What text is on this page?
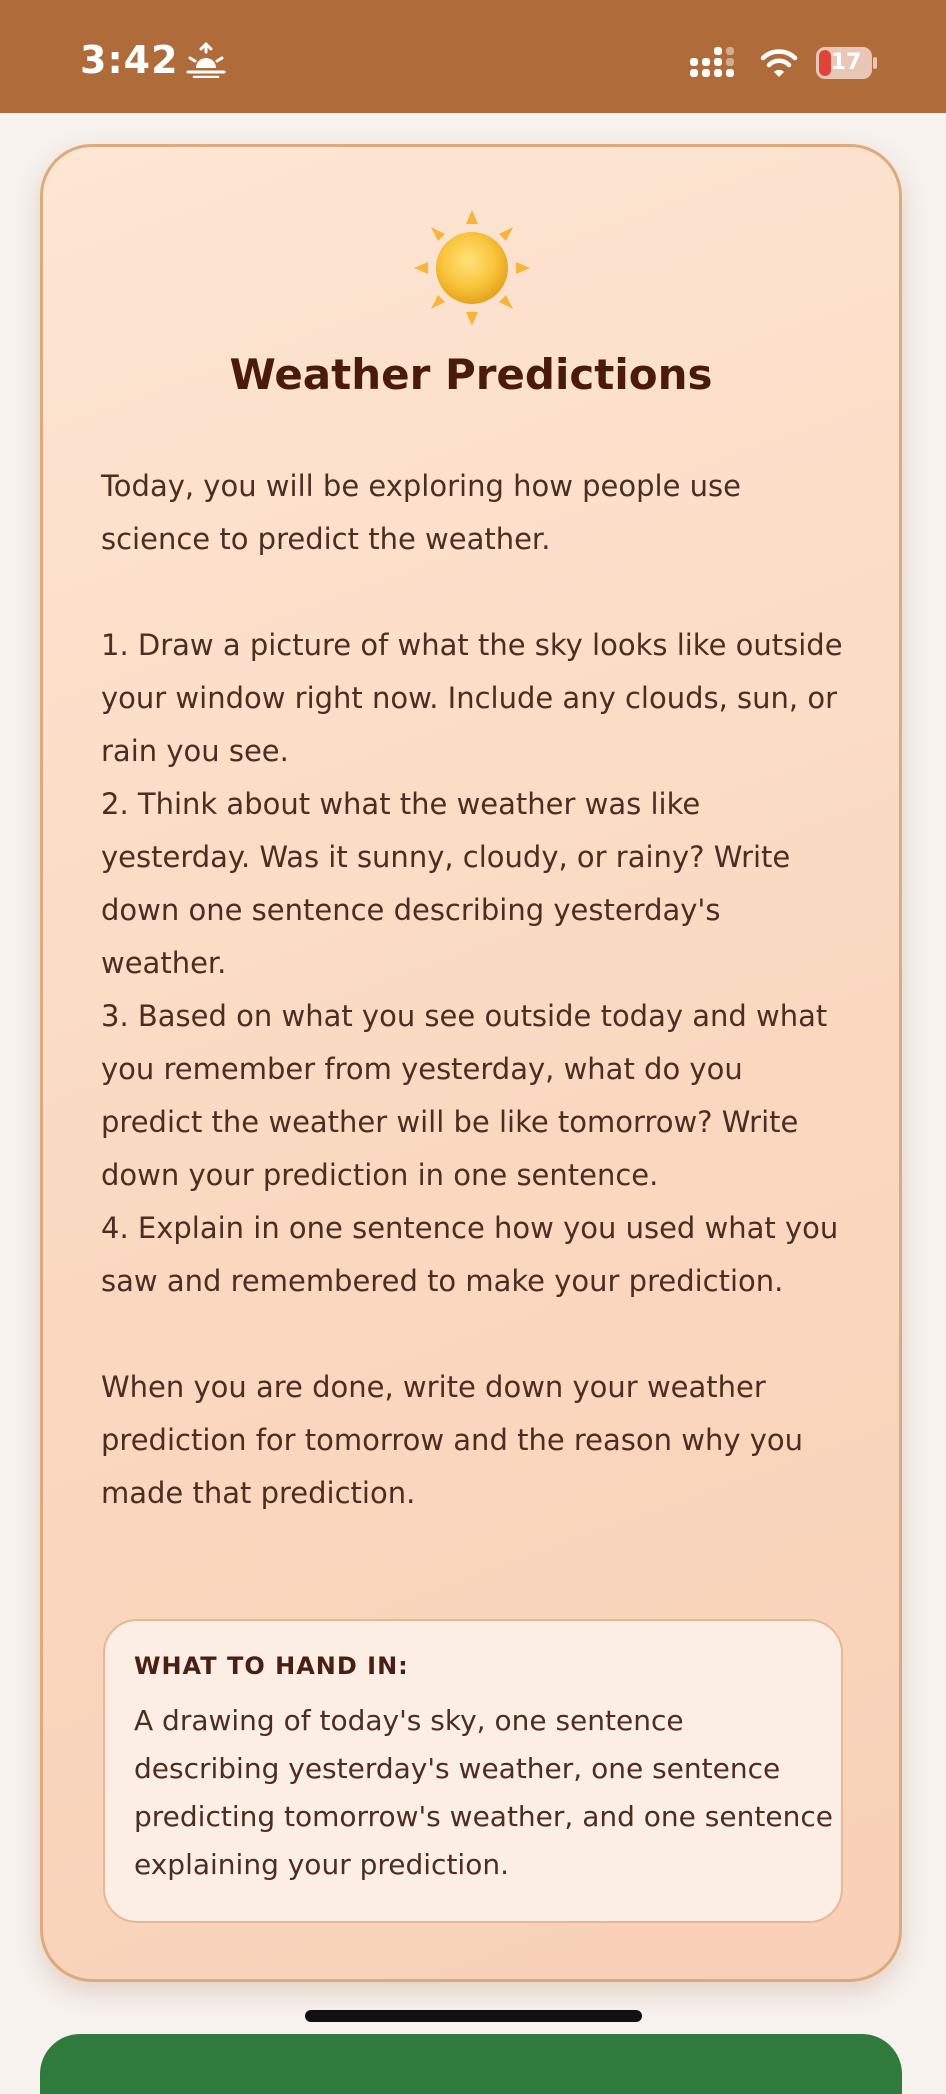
3:42	17
Weather Predictions

Today, you will be exploring how people use science to predict the weather.

1. Draw a picture of what the sky looks like outside your window right now. Include any clouds, sun, or rain you see.
2. Think about what the weather was like yesterday. Was it sunny, cloudy, or rainy? Write down one sentence describing yesterday's weather.
3. Based on what you see outside today and what you remember from yesterday, what do you predict the weather will be like tomorrow? Write down your prediction in one sentence.
4. Explain in one sentence how you used what you saw and remembered to make your prediction.

When you are done, write down your weather prediction for tomorrow and the reason why you made that prediction.

WHAT TO HAND IN:

A drawing of today's sky, one sentence describing yesterday's weather, one sentence predicting tomorrow's weather, and one sentence explaining your prediction.
